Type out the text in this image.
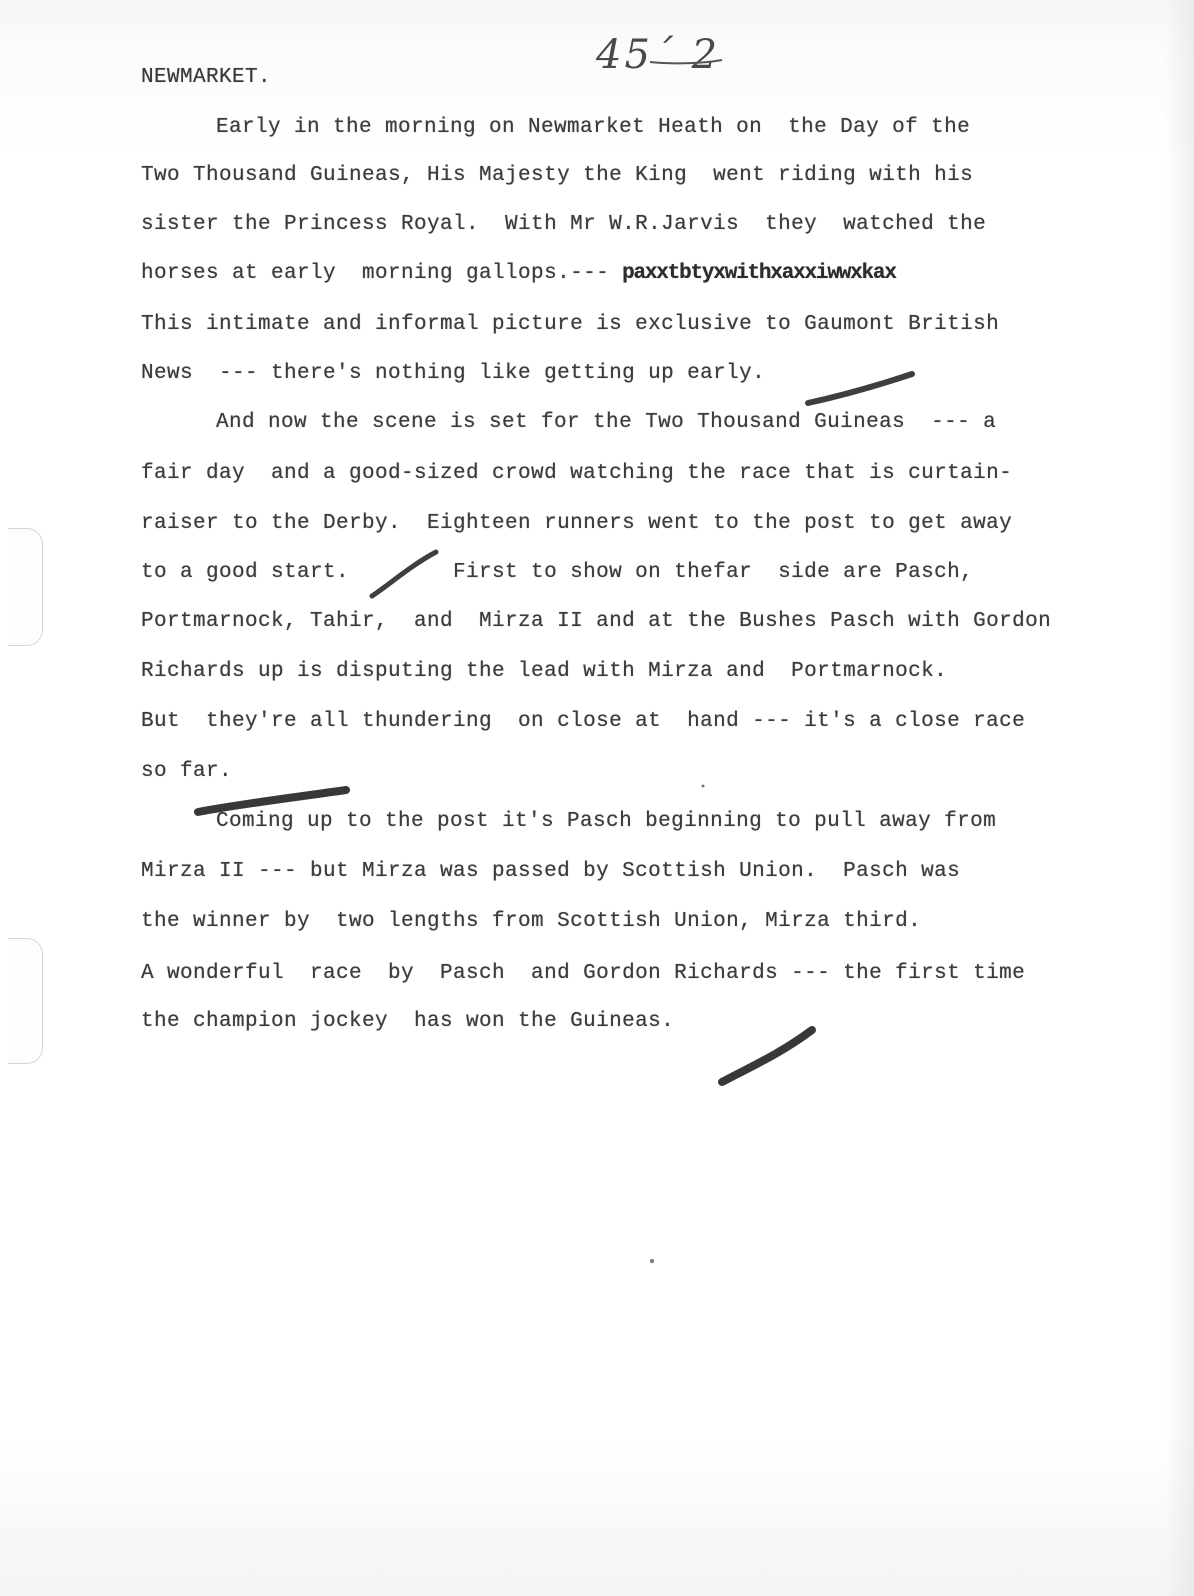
45´ 2
NEWMARKET.
Early in the morning on Newmarket Heath on  the Day of the
Two Thousand Guineas, His Majesty the King  went riding with his
sister the Princess Royal.  With Mr W.R.Jarvis  they  watched the
horses at early  morning gallops.--- paxxtbtyxwithxaxxiwwxkax
This intimate and informal picture is exclusive to Gaumont British
News  --- there's nothing like getting up early.
And now the scene is set for the Two Thousand Guineas  --- a
fair day  and a good-sized crowd watching the race that is curtain-
raiser to the Derby.  Eighteen runners went to the post to get away
to a good start.        First to show on thefar  side are Pasch,
Portmarnock, Tahir,  and  Mirza II and at the Bushes Pasch with Gordon
Richards up is disputing the lead with Mirza and  Portmarnock.
But  they're all thundering  on close at  hand --- it's a close race
so far.
Coming up to the post it's Pasch beginning to pull away from
Mirza II --- but Mirza was passed by Scottish Union.  Pasch was
the winner by  two lengths from Scottish Union, Mirza third.
A wonderful  race  by  Pasch  and Gordon Richards --- the first time
the champion jockey  has won the Guineas.
